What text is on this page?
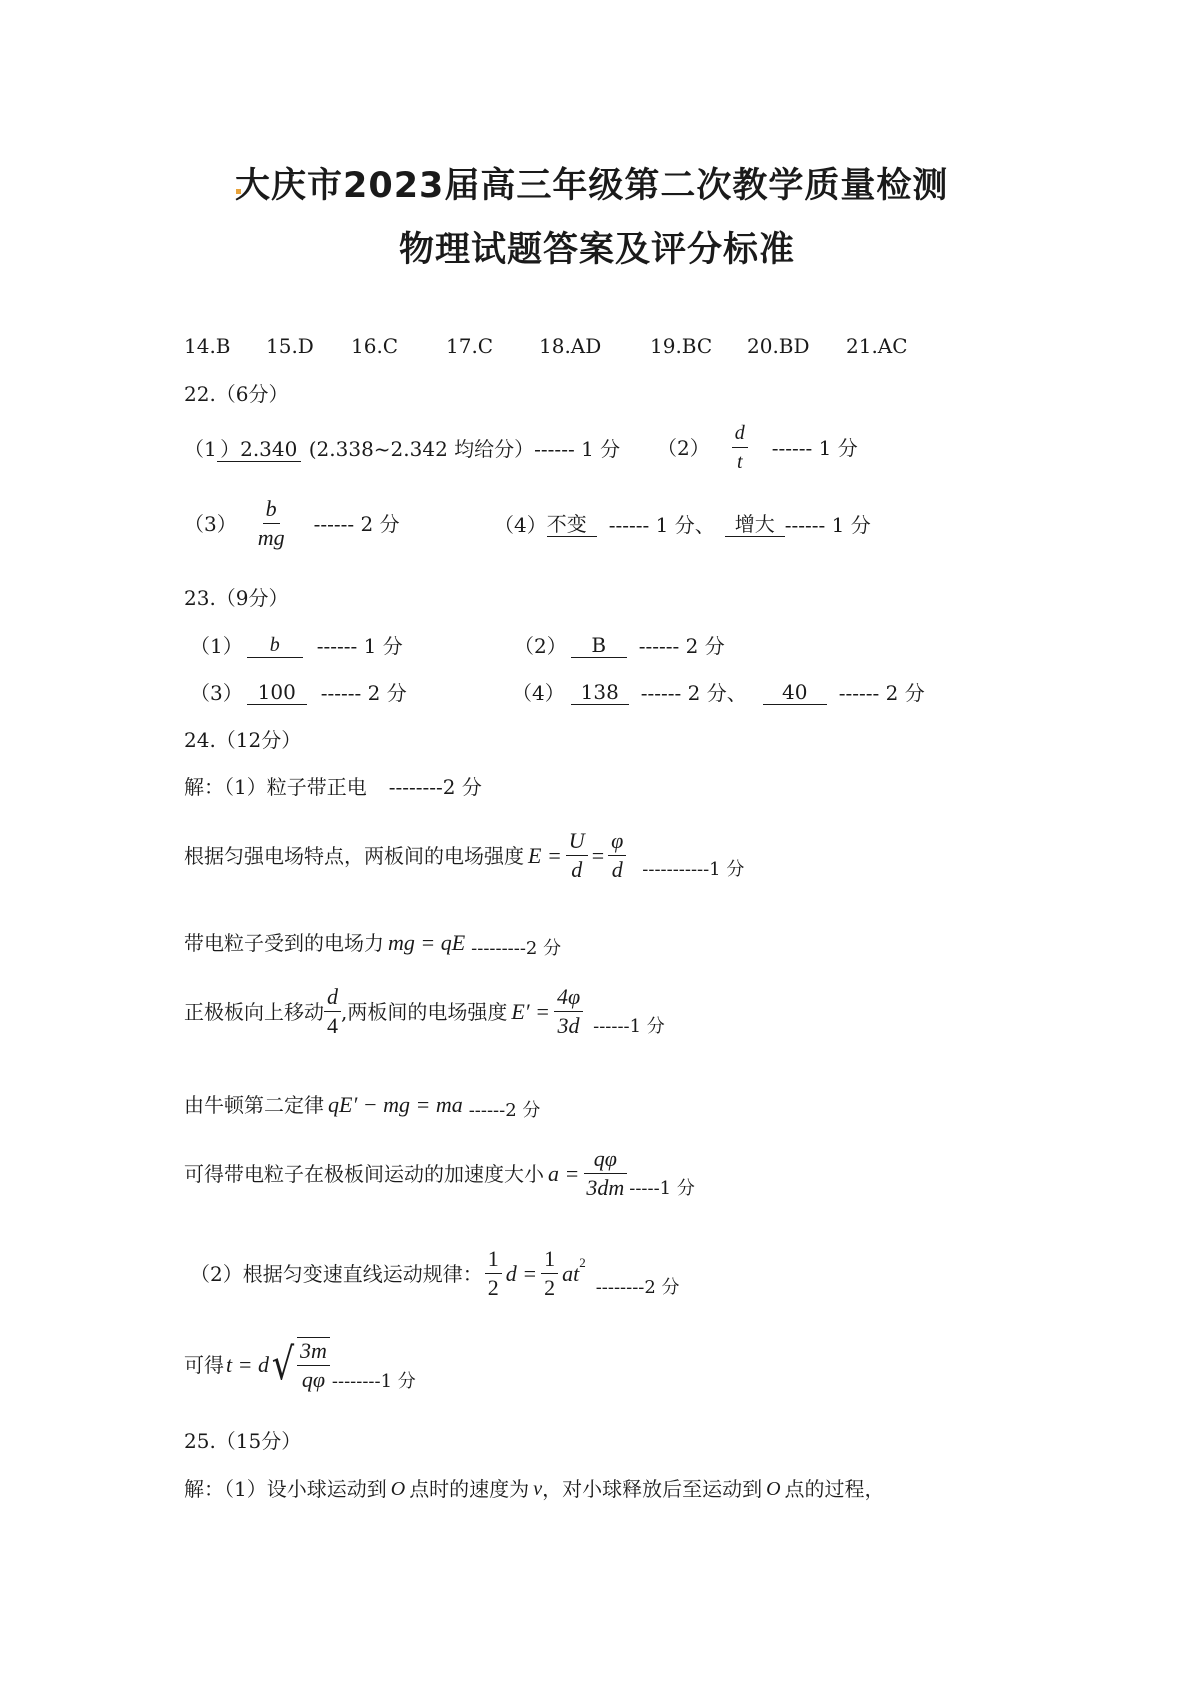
大庆市2023届高三年级第二次教学质量检测
物理试题答案及评分标准
14.B 15.D 16.C 17.C 18.AD 19.BC 20.BD 21.AC
22.（6分）
（1 ）2.340 (2.338~2.342 均给分）------ 1 分 $(2) \frac{d}{t}$ ------ 1 分
$(3) \frac{b}{mg}$ ------ 2 分	（4） 不变	------ 1 分、	增大 ------ 1 分
23.（9分）
（1）	b	------ 1 分	（2）	B	------ 2 分
（3） 100	------ 2 分	（4） 138	------ 2 分、	40	------ 2 分
24.（12分）
解：（1）粒子带正电 --------2 分
根据匀强电场特点，两板间的电场强度 $E = \frac{U}{d} = \frac{\varphi}{d} -----------1$ 分
带电粒子受到的电场力 mg = qE ---------2 分
正极板向上移动 $\frac{d}{4}$ ,两板间的电场强度 $E' = \frac{4\varphi}{3d} ------1$ 分
由牛顿第二定律 qE′ − mg = ma ------2 分
可得带电粒子在极板间运动的加速度大小 $a = \frac{q\varphi}{3dm} -----1$ 分
（2）根据匀变速直线运动规律： $\frac{1}{2}$ $d = \frac{1}{2} at^2$
--------2 分
可得 t = d √ $\frac{3m}{q\varphi} --------1$ 分
25.（15分）
解：（1）设小球运动到 O 点时的速度为 v ，对小球释放后至运动到 O 点的过程，
